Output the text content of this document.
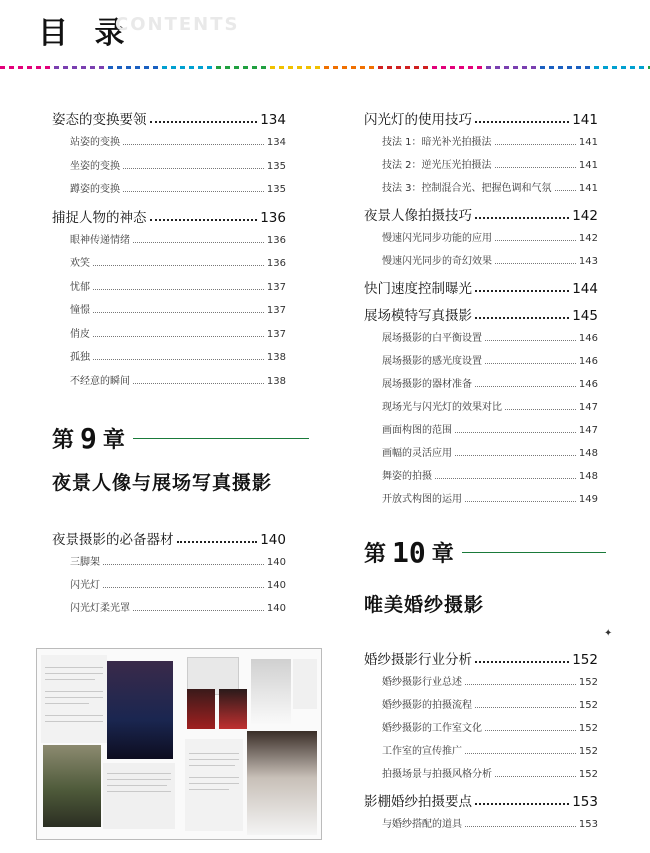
目 录
CONTENTS
姿态的变换要领	134
站姿的变换	134
坐姿的变换	135
蹲姿的变换	135
捕捉人物的神态	136
眼神传递情绪	136
欢笑	136
忧郁	137
憧憬	137
俏皮	137
孤独	138
不经意的瞬间	138
夜景摄影的必备器材	140
三脚架	140
闪光灯	140
闪光灯柔光罩	140
闪光灯的使用技巧	141
技法 1：暗光补光拍摄法	141
技法 2：逆光压光拍摄法	141
技法 3：控制混合光、把握色调和气氛	141
夜景人像拍摄技巧	142
慢速闪光同步功能的应用	142
慢速闪光同步的奇幻效果	143
快门速度控制曝光	144
展场模特写真摄影	145
展场摄影的白平衡设置	146
展场摄影的感光度设置	146
展场摄影的器材准备	146
现场光与闪光灯的效果对比	147
画面构图的范围	147
画幅的灵活应用	148
舞姿的拍摄	148
开放式构图的运用	149
婚纱摄影行业分析	152
婚纱摄影行业总述	152
婚纱摄影的拍摄流程	152
婚纱摄影的工作室文化	152
工作室的宣传推广	152
拍摄场景与拍摄风格分析	152
影棚婚纱拍摄要点	153
与婚纱搭配的道具	153
第 9 章
夜景人像与展场写真摄影
第 10 章
唯美婚纱摄影
✦
